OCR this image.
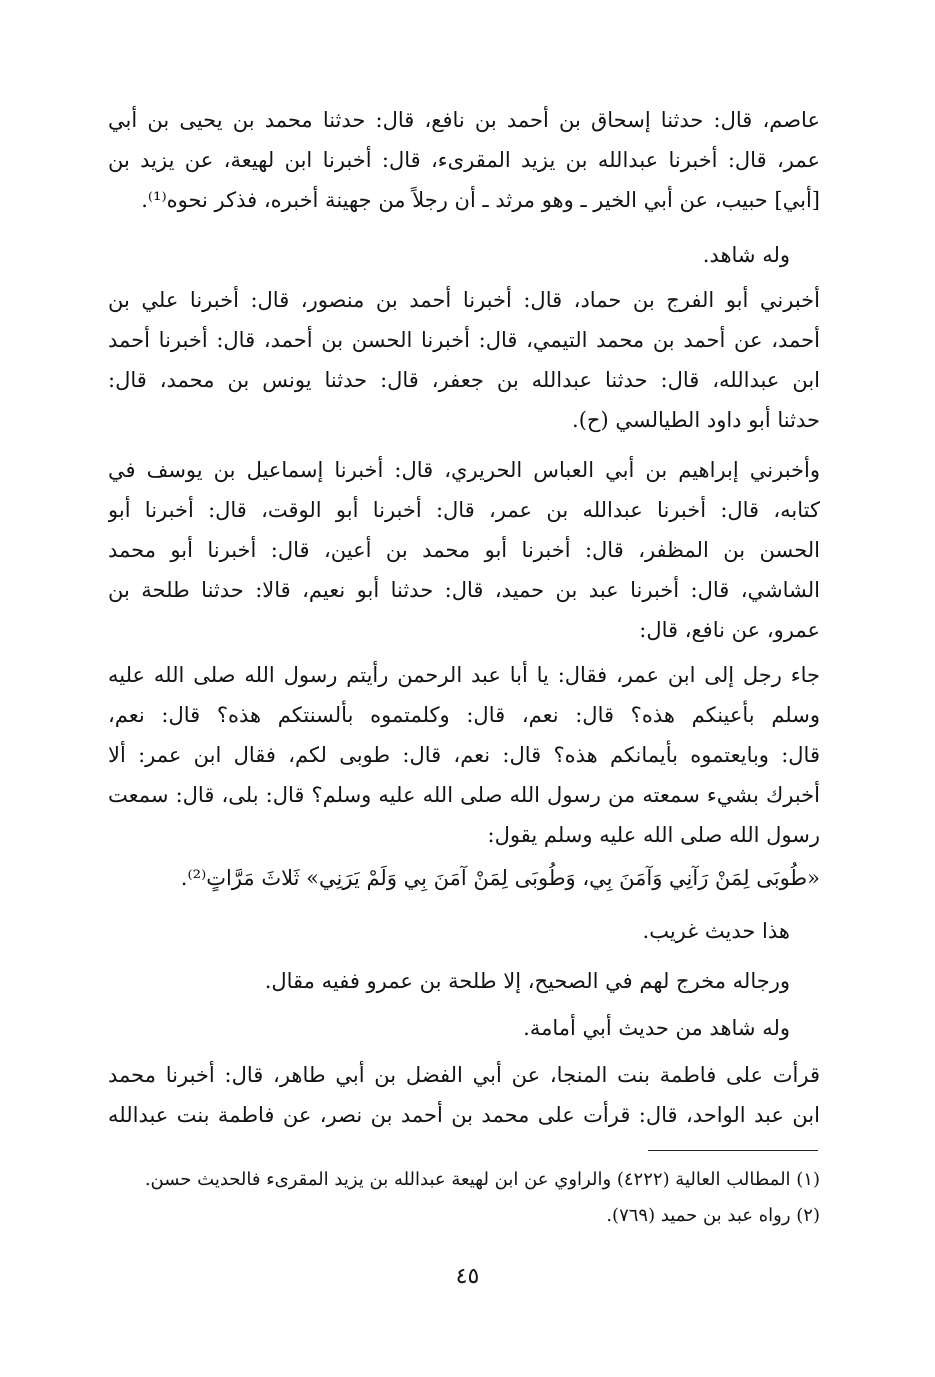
عاصم، قال: حدثنا إسحاق بن أحمد بن نافع، قال: حدثنا محمد بن يحيى بن أبي
عمر، قال: أخبرنا عبدالله بن يزيد المقرىء، قال: أخبرنا ابن لهيعة، عن يزيد بن
[أبي] حبيب، عن أبي الخير ـ وهو مرثد ـ أن رجلاً من جهينة أخبره، فذكر نحوه⁽¹⁾.
وله شاهد.
أخبرني أبو الفرج بن حماد، قال: أخبرنا أحمد بن منصور، قال: أخبرنا علي بن
أحمد، عن أحمد بن محمد التيمي، قال: أخبرنا الحسن بن أحمد، قال: أخبرنا أحمد
ابن عبدالله، قال: حدثنا عبدالله بن جعفر، قال: حدثنا يونس بن محمد، قال:
حدثنا أبو داود الطيالسي (ح).
وأخبرني إبراهيم بن أبي العباس الحريري، قال: أخبرنا إسماعيل بن يوسف في
كتابه، قال: أخبرنا عبدالله بن عمر، قال: أخبرنا أبو الوقت، قال: أخبرنا أبو
الحسن بن المظفر، قال: أخبرنا أبو محمد بن أعين، قال: أخبرنا أبو محمد
الشاشي، قال: أخبرنا عبد بن حميد، قال: حدثنا أبو نعيم، قالا: حدثنا طلحة بن
عمرو، عن نافع، قال:
جاء رجل إلى ابن عمر، فقال: يا أبا عبد الرحمن رأيتم رسول الله صلى الله عليه
وسلم بأعينكم هذه؟ قال: نعم، قال: وكلمتموه بألسنتكم هذه؟ قال: نعم،
قال: وبايعتموه بأيمانكم هذه؟ قال: نعم، قال: طوبى لكم، فقال ابن عمر: ألا
أخبرك بشيء سمعته من رسول الله صلى الله عليه وسلم؟ قال: بلى، قال: سمعت
رسول الله صلى الله عليه وسلم يقول:
«طُوبَى لِمَنْ رَآنِي وَآمَنَ بِي، وَطُوبَى لِمَنْ آمَنَ بِي وَلَمْ يَرَنِي» ثَلاثَ مَرَّاتٍ⁽²⁾.
هذا حديث غريب.
ورجاله مخرج لهم في الصحيح، إلا طلحة بن عمرو ففيه مقال.
وله شاهد من حديث أبي أمامة.
قرأت على فاطمة بنت المنجا، عن أبي الفضل بن أبي طاهر، قال: أخبرنا محمد
ابن عبد الواحد، قال: قرأت على محمد بن أحمد بن نصر، عن فاطمة بنت عبدالله
(١) المطالب العالية (٤٢٢٢) والراوي عن ابن لهيعة عبدالله بن يزيد المقرىء فالحديث حسن.
(٢) رواه عبد بن حميد (٧٦٩).
٤٥
